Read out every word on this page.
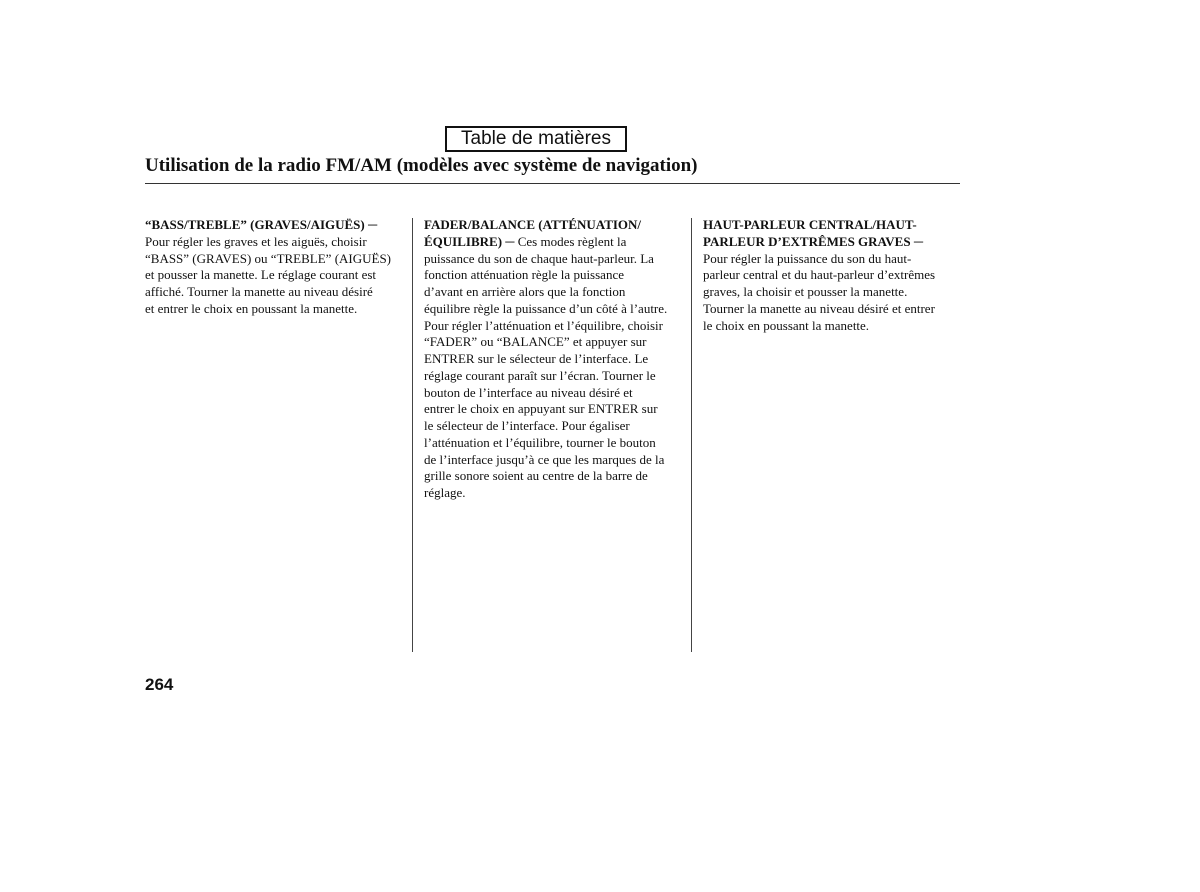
Table de matières
Utilisation de la radio FM/AM (modèles avec système de navigation)
“BASS/TREBLE” (GRAVES/AIGUËS) ─
Pour régler les graves et les aiguës, choisir
“BASS” (GRAVES) ou “TREBLE” (AIGUËS)
et pousser la manette. Le réglage courant est
affiché. Tourner la manette au niveau désiré
et entrer le choix en poussant la manette.
FADER/BALANCE (ATTÉNUATION/
ÉQUILIBRE) ─ Ces modes règlent la
puissance du son de chaque haut-parleur. La
fonction atténuation règle la puissance
d’avant en arrière alors que la fonction
équilibre règle la puissance d’un côté à l’autre.
Pour régler l’atténuation et l’équilibre, choisir
“FADER” ou “BALANCE” et appuyer sur
ENTRER sur le sélecteur de l’interface. Le
réglage courant paraît sur l’écran. Tourner le
bouton de l’interface au niveau désiré et
entrer le choix en appuyant sur ENTRER sur
le sélecteur de l’interface. Pour égaliser
l’atténuation et l’équilibre, tourner le bouton
de l’interface jusqu’à ce que les marques de la
grille sonore soient au centre de la barre de
réglage.
HAUT-PARLEUR CENTRAL/HAUT-
PARLEUR D’EXTRÊMES GRAVES ─
Pour régler la puissance du son du haut-
parleur central et du haut-parleur d’extrêmes
graves, la choisir et pousser la manette.
Tourner la manette au niveau désiré et entrer
le choix en poussant la manette.
264
